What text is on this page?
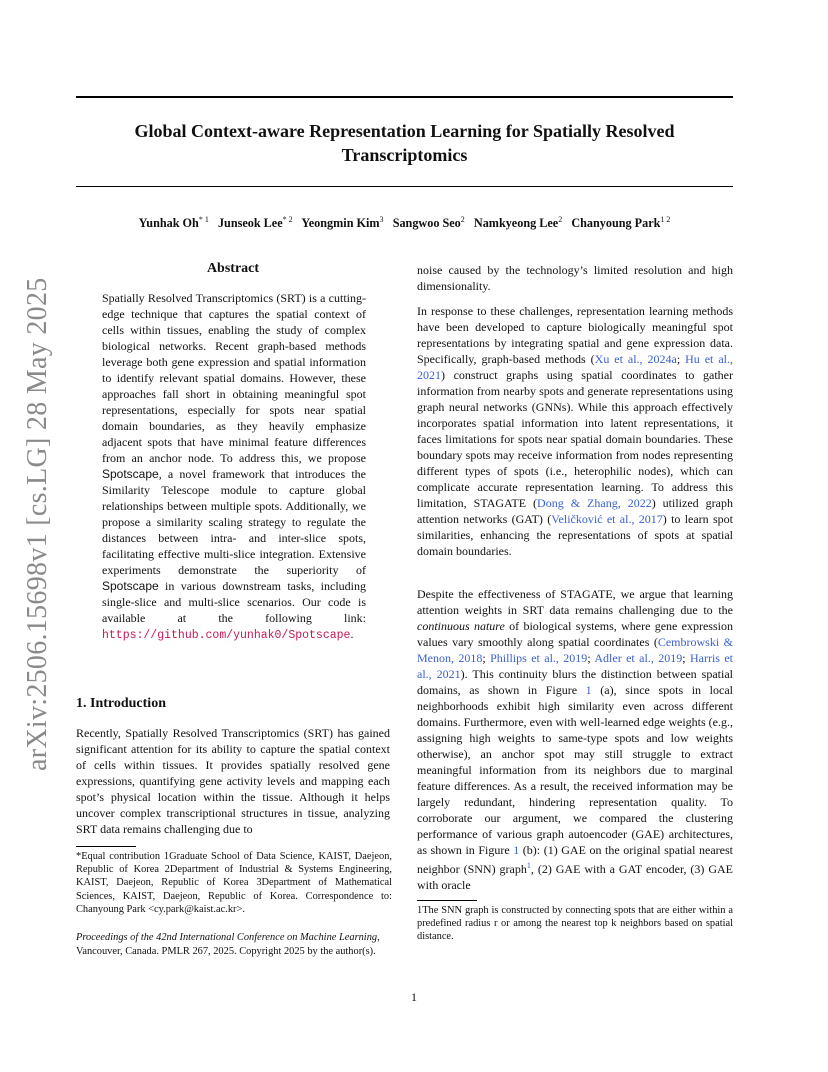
arXiv:2506.15698v1 [cs.LG] 28 May 2025
Global Context-aware Representation Learning for Spatially Resolved
Transcriptomics
Yunhak Oh$^{* 1}$ Junseok Lee$^{* 2}$ Yeongmin Kim$^3$ Sangwoo Seo$^2$ Namkyeong Lee$^2$ Chanyoung Park$^{1 2}$
Abstract
Spatially Resolved Transcriptomics (SRT) is a cutting-edge technique that captures the spatial context of cells within tissues, enabling the study of complex biological networks. Recent graph-based methods leverage both gene expression and spatial information to identify relevant spatial domains. However, these approaches fall short in obtaining meaningful spot representations, especially for spots near spatial domain boundaries, as they heavily emphasize adjacent spots that have minimal feature differences from an anchor node. To address this, we propose Spotscape, a novel framework that introduces the Similarity Telescope module to capture global relationships between multiple spots. Additionally, we propose a similarity scaling strategy to regulate the distances between intra- and inter-slice spots, facilitating effective multi-slice integration. Extensive experiments demonstrate the superiority of Spotscape in various downstream tasks, including single-slice and multi-slice scenarios. Our code is available at the following link: https://github.com/yunhak0/Spotscape.
1. Introduction
Recently, Spatially Resolved Transcriptomics (SRT) has gained significant attention for its ability to capture the spatial context of cells within tissues. It provides spatially resolved gene expressions, quantifying gene activity levels and mapping each spot’s physical location within the tissue. Although it helps uncover complex transcriptional structures in tissue, analyzing SRT data remains challenging due to
*Equal contribution 1Graduate School of Data Science, KAIST, Daejeon, Republic of Korea 2Department of Industrial & Systems Engineering, KAIST, Daejeon, Republic of Korea 3Department of Mathematical Sciences, KAIST, Daejeon, Republic of Korea. Correspondence to: Chanyoung Park <cy.park@kaist.ac.kr>.
Proceedings of the 42nd International Conference on Machine Learning, Vancouver, Canada. PMLR 267, 2025. Copyright 2025 by the author(s).
noise caused by the technology’s limited resolution and high dimensionality.
In response to these challenges, representation learning methods have been developed to capture biologically meaningful spot representations by integrating spatial and gene expression data. Specifically, graph-based methods (Xu et al., 2024a; Hu et al., 2021) construct graphs using spatial coordinates to gather information from nearby spots and generate representations using graph neural networks (GNNs). While this approach effectively incorporates spatial information into latent representations, it faces limitations for spots near spatial domain boundaries. These boundary spots may receive information from nodes representing different types of spots (i.e., heterophilic nodes), which can complicate accurate representation learning. To address this limitation, STAGATE (Dong & Zhang, 2022) utilized graph attention networks (GAT) (Veličković et al., 2017) to learn spot similarities, enhancing the representations of spots at spatial domain boundaries.
Despite the effectiveness of STAGATE, we argue that learning attention weights in SRT data remains challenging due to the continuous nature of biological systems, where gene expression values vary smoothly along spatial coordinates (Cembrowski & Menon, 2018; Phillips et al., 2019; Adler et al., 2019; Harris et al., 2021). This continuity blurs the distinction between spatial domains, as shown in Figure 1 (a), since spots in local neighborhoods exhibit high similarity even across different domains. Furthermore, even with well-learned edge weights (e.g., assigning high weights to same-type spots and low weights otherwise), an anchor spot may still struggle to extract meaningful information from its neighbors due to marginal feature differences. As a result, the received information may be largely redundant, hindering representation quality. To corroborate our argument, we compared the clustering performance of various graph autoencoder (GAE) architectures, as shown in Figure 1 (b): (1) GAE on the original spatial nearest neighbor (SNN) graph$^1$, (2) GAE with a GAT encoder, (3) GAE with oracle
1The SNN graph is constructed by connecting spots that are either within a predefined radius r or among the nearest top k neighbors based on spatial distance.
1
